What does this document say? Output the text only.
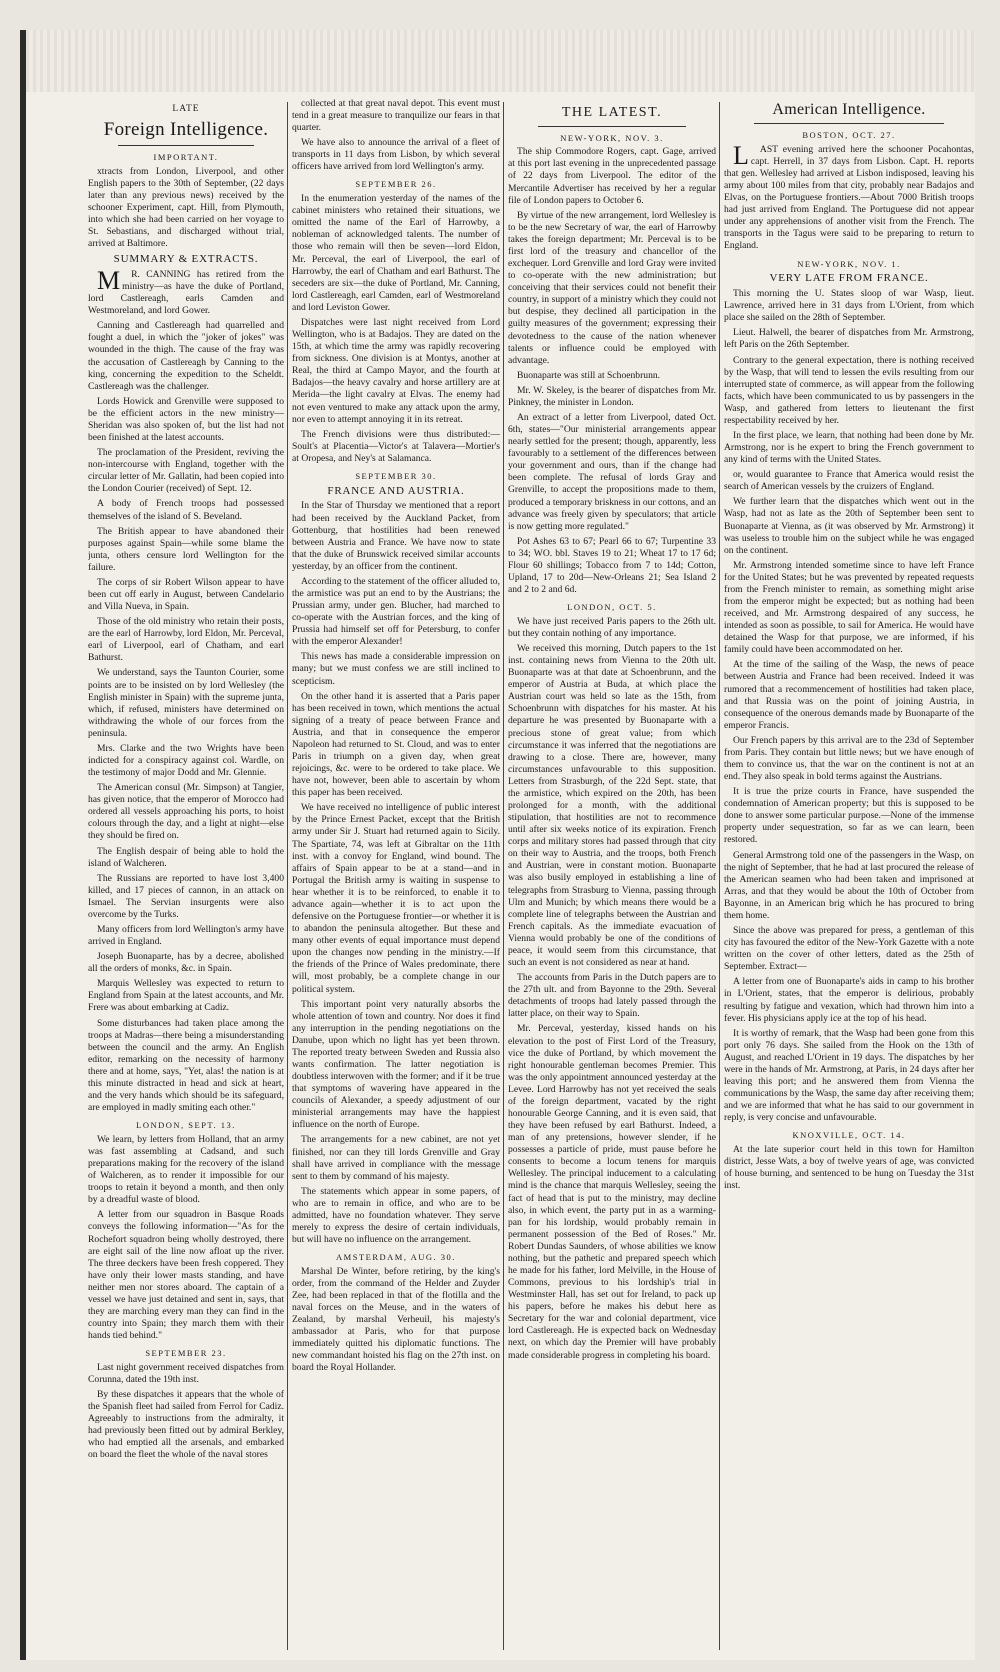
LATE
Foreign Intelligence.
IMPORTANT.

xtracts from London, Liverpool, and other English papers to the 30th of September, (22 days later than any previous news) received by the schooner Experiment, capt. Hill, from Plymouth, into which she had been carried on her voyage to St. Sebastians, and discharged without trial, arrived at Baltimore.

SUMMARY & EXTRACTS.

MR. CANNING has retired from the ministry—as have the duke of Portland, lord Castlereagh, earls Camden and Westmoreland, and lord Gower.

Canning and Castlereagh had quarrelled and fought a duel, in which the "joker of jokes" was wounded in the thigh. The cause of the fray was the accusation of Castlereagh by Canning to the king, concerning the expedition to the Scheldt. Castlereagh was the challenger.

Lords Howick and Grenville were supposed to be the efficient actors in the new ministry—Sheridan was also spoken of, but the list had not been finished at the latest accounts.

The proclamation of the President, reviving the non-intercourse with England, together with the circular letter of Mr. Gallatin, had been copied into the London Courier (received) of Sept. 12.

A body of French troops had possessed themselves of the island of S. Beveland.

The British appear to have abandoned their purposes against Spain—while some blame the junta, others censure lord Wellington for the failure.

The corps of sir Robert Wilson appear to have been cut off early in August, between Candelario and Villa Nueva, in Spain.

Those of the old ministry who retain their posts, are the earl of Harrowby, lord Eldon, Mr. Perceval, earl of Liverpool, earl of Chatham, and earl Bathurst.

We understand, says the Taunton Courier, some points are to be insisted on by lord Wellesley (the English minister in Spain) with the supreme junta, which, if refused, ministers have determined on withdrawing the whole of our forces from the peninsula.

Mrs. Clarke and the two Wrights have been indicted for a conspiracy against col. Wardle, on the testimony of major Dodd and Mr. Glennie.

The American consul (Mr. Simpson) at Tangier, has given notice, that the emperor of Morocco had ordered all vessels approaching his ports, to hoist colours through the day, and a light at night—else they should be fired on.

The English despair of being able to hold the island of Walcheren.

The Russians are reported to have lost 3,400 killed, and 17 pieces of cannon, in an attack on Ismael. The Servian insurgents were also overcome by the Turks.

Many officers from lord Wellington's army have arrived in England.

Joseph Buonaparte, has by a decree, abolished all the orders of monks, &c. in Spain.

Marquis Wellesley was expected to return to England from Spain at the latest accounts, and Mr. Frere was about embarking at Cadiz.

Some disturbances had taken place among the troops at Madras—there being a misunderstanding between the council and the army. An English editor, remarking on the necessity of harmony there and at home, says, "Yet, alas! the nation is at this minute distracted in head and sick at heart, and the very hands which should be its safeguard, are employed in madly smiting each other."

LONDON, SEPT. 13.

We learn, by letters from Holland, that an army was fast assembling at Cadsand, and such preparations making for the recovery of the island of Walcheren, as to render it impossible for our troops to retain it beyond a month, and then only by a dreadful waste of blood.

A letter from our squadron in Basque Roads conveys the following information—"As for the Rochefort squadron being wholly destroyed, there are eight sail of the line now afloat up the river. The three deckers have been fresh coppered. They have only their lower masts standing, and have neither men nor stores aboard. The captain of a vessel we have just detained and sent in, says, that they are marching every man they can find in the country into Spain; they march them with their hands tied behind."

SEPTEMBER 23.

Last night government received dispatches from Corunna, dated the 19th inst.

By these dispatches it appears that the whole of the Spanish fleet had sailed from Ferrol for Cadiz. Agreeably to instructions from the admiralty, it had previously been fitted out by admiral Berkley, who had emptied all the arsenals, and embarked on board the fleet the whole of the naval stores

collected at that great naval depot. This event must tend in a great measure to tranquilize our fears in that quarter.

We have also to announce the arrival of a fleet of transports in 11 days from Lisbon, by which several officers have arrived from lord Wellington's army.

SEPTEMBER 26.

In the enumeration yesterday of the names of the cabinet ministers who retained their situations, we omitted the name of the Earl of Harrowby, a nobleman of acknowledged talents. The number of those who remain will then be seven—lord Eldon, Mr. Perceval, the earl of Liverpool, the earl of Harrowby, the earl of Chatham and earl Bathurst. The seceders are six—the duke of Portland, Mr. Canning, lord Castlereagh, earl Camden, earl of Westmoreland and lord Leviston Gower.

Dispatches were last night received from Lord Wellington, who is at Badajos. They are dated on the 15th, at which time the army was rapidly recovering from sickness. One division is at Montys, another at Real, the third at Campo Mayor, and the fourth at Badajos—the heavy cavalry and horse artillery are at Merida—the light cavalry at Elvas. The enemy had not even ventured to make any attack upon the army, nor even to attempt annoying it in its retreat.

The French divisions were thus distributed:—Soult's at Placentia—Victor's at Talavera—Mortier's at Oropesa, and Ney's at Salamanca.

SEPTEMBER 30.
FRANCE AND AUSTRIA.

In the Star of Thursday we mentioned that a report had been received by the Auckland Packet, from Gottenburg, that hostilities had been renewed between Austria and France. We have now to state that the duke of Brunswick received similar accounts yesterday, by an officer from the continent.

According to the statement of the officer alluded to, the armistice was put an end to by the Austrians; the Prussian army, under gen. Blucher, had marched to co-operate with the Austrian forces, and the king of Prussia had himself set off for Petersburg, to confer with the emperor Alexander!

This news has made a considerable impression on many; but we must confess we are still inclined to scepticism.

On the other hand it is asserted that a Paris paper has been received in town, which mentions the actual signing of a treaty of peace between France and Austria, and that in consequence the emperor Napoleon had returned to St. Cloud, and was to enter Paris in triumph on a given day, when great rejoicings, &c. were to be ordered to take place. We have not, however, been able to ascertain by whom this paper has been received.

We have received no intelligence of public interest by the Prince Ernest Packet, except that the British army under Sir J. Stuart had returned again to Sicily. The Spartiate, 74, was left at Gibraltar on the 11th inst. with a convoy for England, wind bound. The affairs of Spain appear to be at a stand—and in Portugal the British army is waiting in suspense to hear whether it is to be reinforced, to enable it to advance again—whether it is to act upon the defensive on the Portuguese frontier—or whether it is to abandon the peninsula altogether. But these and many other events of equal importance must depend upon the changes now pending in the ministry.—If the friends of the Prince of Wales predominate, there will, most probably, be a complete change in our political system.

This important point very naturally absorbs the whole attention of town and country. Nor does it find any interruption in the pending negotiations on the Danube, upon which no light has yet been thrown. The reported treaty between Sweden and Russia also wants confirmation. The latter negotiation is doubtless interwoven with the former; and if it be true that symptoms of wavering have appeared in the councils of Alexander, a speedy adjustment of our ministerial arrangements may have the happiest influence on the north of Europe.

The arrangements for a new cabinet, are not yet finished, nor can they till lords Grenville and Gray shall have arrived in compliance with the message sent to them by command of his majesty.

The statements which appear in some papers, of who are to remain in office, and who are to be admitted, have no foundation whatever. They serve merely to express the desire of certain individuals, but will have no influence on the arrangement.

AMSTERDAM, AUG. 30.

Marshal De Winter, before retiring, by the king's order, from the command of the Helder and Zuyder Zee, had been replaced in that of the flotilla and the naval forces on the Meuse, and in the waters of Zealand, by marshal Verheuil, his majesty's ambassador at Paris, who for that purpose immediately quitted his diplomatic functions. The new commandant hoisted his flag on the 27th inst. on board the Royal Hollander.

THE LATEST.
NEW-YORK, NOV. 3.

The ship Commodore Rogers, capt. Gage, arrived at this port last evening in the unprecedented passage of 22 days from Liverpool. The editor of the Mercantile Advertiser has received by her a regular file of London papers to October 6.

By virtue of the new arrangement, lord Wellesley is to be the new Secretary of war, the earl of Harrowby takes the foreign department; Mr. Perceval is to be first lord of the treasury and chancellor of the exchequer. Lord Grenville and lord Gray were invited to co-operate with the new administration; but conceiving that their services could not benefit their country, in support of a ministry which they could not but despise, they declined all participation in the guilty measures of the government; expressing their devotedness to the cause of the nation whenever talents or influence could be employed with advantage.

Buonaparte was still at Schoenbrunn.

Mr. W. Skeley, is the bearer of dispatches from Mr. Pinkney, the minister in London.

An extract of a letter from Liverpool, dated Oct. 6th, states—"Our ministerial arrangements appear nearly settled for the present; though, apparently, less favourably to a settlement of the differences between your government and ours, than if the change had been complete. The refusal of lords Gray and Grenville, to accept the propositions made to them, produced a temporary briskness in our cottons, and an advance was freely given by speculators; that article is now getting more regulated."

Pot Ashes 63 to 67; Pearl 66 to 67; Turpentine 33 to 34; WO. bbl. Staves 19 to 21; Wheat 17 to 17 6d; Flour 60 shillings; Tobacco from 7 to 14d; Cotton, Upland, 17 to 20d—New-Orleans 21; Sea Island 2 and 2 to 2 and 6d.

LONDON, OCT. 5.

We have just received Paris papers to the 26th ult. but they contain nothing of any importance.

We received this morning, Dutch papers to the 1st inst. containing news from Vienna to the 20th ult. Buonaparte was at that date at Schoenbrunn, and the emperor of Austria at Buda, at which place the Austrian court was held so late as the 15th, from Schoenbrunn with dispatches for his master. At his departure he was presented by Buonaparte with a precious stone of great value; from which circumstance it was inferred that the negotiations are drawing to a close. There are, however, many circumstances unfavourable to this supposition. Letters from Strasburgh, of the 22d Sept. state, that the armistice, which expired on the 20th, has been prolonged for a month, with the additional stipulation, that hostilities are not to recommence until after six weeks notice of its expiration. French corps and military stores had passed through that city on their way to Austria, and the troops, both French and Austrian, were in constant motion. Buonaparte was also busily employed in establishing a line of telegraphs from Strasburg to Vienna, passing through Ulm and Munich; by which means there would be a complete line of telegraphs between the Austrian and French capitals. As the immediate evacuation of Vienna would probably be one of the conditions of peace, it would seem from this circumstance, that such an event is not considered as near at hand.

The accounts from Paris in the Dutch papers are to the 27th ult. and from Bayonne to the 29th. Several detachments of troops had lately passed through the latter place, on their way to Spain.

Mr. Perceval, yesterday, kissed hands on his elevation to the post of First Lord of the Treasury, vice the duke of Portland, by which movement the right honourable gentleman becomes Premier. This was the only appointment announced yesterday at the Levee. Lord Harrowby has not yet received the seals of the foreign department, vacated by the right honourable George Canning, and it is even said, that they have been refused by earl Bathurst. Indeed, a man of any pretensions, however slender, if he possesses a particle of pride, must pause before he consents to become a locum tenens for marquis Wellesley. The principal inducement to a calculating mind is the chance that marquis Wellesley, seeing the fact of head that is put to the ministry, may decline also, in which event, the party put in as a warming-pan for his lordship, would probably remain in permanent possession of the Bed of Roses." Mr. Robert Dundas Saunders, of whose abilities we know nothing, but the pathetic and prepared speech which he made for his father, lord Melville, in the House of Commons, previous to his lordship's trial in Westminster Hall, has set out for Ireland, to pack up his papers, before he makes his debut here as Secretary for the war and colonial department, vice lord Castlereagh. He is expected back on Wednesday next, on which day the Premier will have probably made considerable progress in completing his board.

American Intelligence.
BOSTON, OCT. 27.

LAST evening arrived here the schooner Pocahontas, capt. Herrell, in 37 days from Lisbon. Capt. H. reports that gen. Wellesley had arrived at Lisbon indisposed, leaving his army about 100 miles from that city, probably near Badajos and Elvas, on the Portuguese frontiers.—About 7000 British troops had just arrived from England. The Portuguese did not appear under any apprehensions of another visit from the French. The transports in the Tagus were said to be preparing to return to England.

NEW-YORK, NOV. 1.
VERY LATE FROM FRANCE.

This morning the U. States sloop of war Wasp, lieut. Lawrence, arrived here in 31 days from L'Orient, from which place she sailed on the 28th of September.

Lieut. Halwell, the bearer of dispatches from Mr. Armstrong, left Paris on the 26th September.

Contrary to the general expectation, there is nothing received by the Wasp, that will tend to lessen the evils resulting from our interrupted state of commerce, as will appear from the following facts, which have been communicated to us by passengers in the Wasp, and gathered from letters to lieutenant the first respectability received by her.

In the first place, we learn, that nothing had been done by Mr. Armstrong, nor is he expert to bring the French government to any kind of terms with the United States.

or, would guarantee to France that America would resist the search of American vessels by the cruizers of England.

We further learn that the dispatches which went out in the Wasp, had not as late as the 20th of September been sent to Buonaparte at Vienna, as (it was observed by Mr. Armstrong) it was useless to trouble him on the subject while he was engaged on the continent.

Mr. Armstrong intended sometime since to have left France for the United States; but he was prevented by repeated requests from the French minister to remain, as something might arise from the emperor might be expected; but as nothing had been received, and Mr. Armstrong despaired of any success, he intended as soon as possible, to sail for America. He would have detained the Wasp for that purpose, we are informed, if his family could have been accommodated on her.

At the time of the sailing of the Wasp, the news of peace between Austria and France had been received. Indeed it was rumored that a recommencement of hostilities had taken place, and that Russia was on the point of joining Austria, in consequence of the onerous demands made by Buonaparte of the emperor Francis.

Our French papers by this arrival are to the 23d of September from Paris. They contain but little news; but we have enough of them to convince us, that the war on the continent is not at an end. They also speak in bold terms against the Austrians.

It is true the prize courts in France, have suspended the condemnation of American property; but this is supposed to be done to answer some particular purpose.—None of the immense property under sequestration, so far as we can learn, been restored.

General Armstrong told one of the passengers in the Wasp, on the night of September, that he had at last procured the release of the American seamen who had been taken and imprisoned at Arras, and that they would be about the 10th of October from Bayonne, in an American brig which he has procured to bring them home.

Since the above was prepared for press, a gentleman of this city has favoured the editor of the New-York Gazette with a note written on the cover of other letters, dated as the 25th of September. Extract—

A letter from one of Buonaparte's aids in camp to his brother in L'Orient, states, that the emperor is delirious, probably resulting by fatigue and vexation, which had thrown him into a fever. His physicians apply ice at the top of his head.

It is worthy of remark, that the Wasp had been gone from this port only 76 days. She sailed from the Hook on the 13th of August, and reached L'Orient in 19 days. The dispatches by her were in the hands of Mr. Armstrong, at Paris, in 24 days after her leaving this port; and he answered them from Vienna the communications by the Wasp, the same day after receiving them; and we are informed that what he has said to our government in reply, is very concise and unfavourable.

KNOXVILLE, OCT. 14.

At the late superior court held in this town for Hamilton district, Jesse Wats, a boy of twelve years of age, was convicted of house burning, and sentenced to be hung on Tuesday the 31st inst.
